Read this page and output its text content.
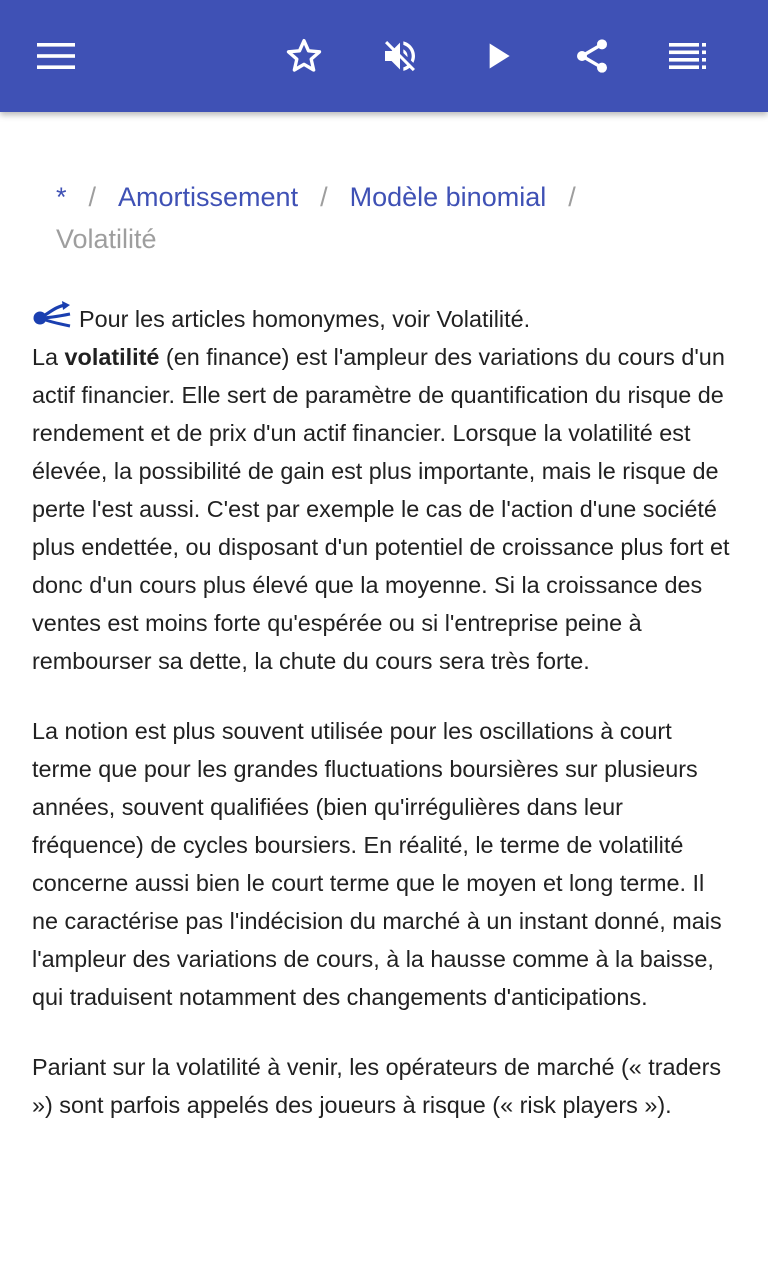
* / Amortissement / Modèle binomial /
Volatilité
Pour les articles homonymes, voir Volatilité.

La volatilité (en finance) est l'ampleur des variations du cours d'un actif financier. Elle sert de paramètre de quantification du risque de rendement et de prix d'un actif financier. Lorsque la volatilité est élevée, la possibilité de gain est plus importante, mais le risque de perte l'est aussi. C'est par exemple le cas de l'action d'une société plus endettée, ou disposant d'un potentiel de croissance plus fort et donc d'un cours plus élevé que la moyenne. Si la croissance des ventes est moins forte qu'espérée ou si l'entreprise peine à rembourser sa dette, la chute du cours sera très forte.

La notion est plus souvent utilisée pour les oscillations à court terme que pour les grandes fluctuations boursières sur plusieurs années, souvent qualifiées (bien qu'irrégulières dans leur fréquence) de cycles boursiers. En réalité, le terme de volatilité concerne aussi bien le court terme que le moyen et long terme. Il ne caractérise pas l'indécision du marché à un instant donné, mais l'ampleur des variations de cours, à la hausse comme à la baisse, qui traduisent notamment des changements d'anticipations.

Pariant sur la volatilité à venir, les opérateurs de marché (« traders ») sont parfois appelés des joueurs à risque (« risk players »).
